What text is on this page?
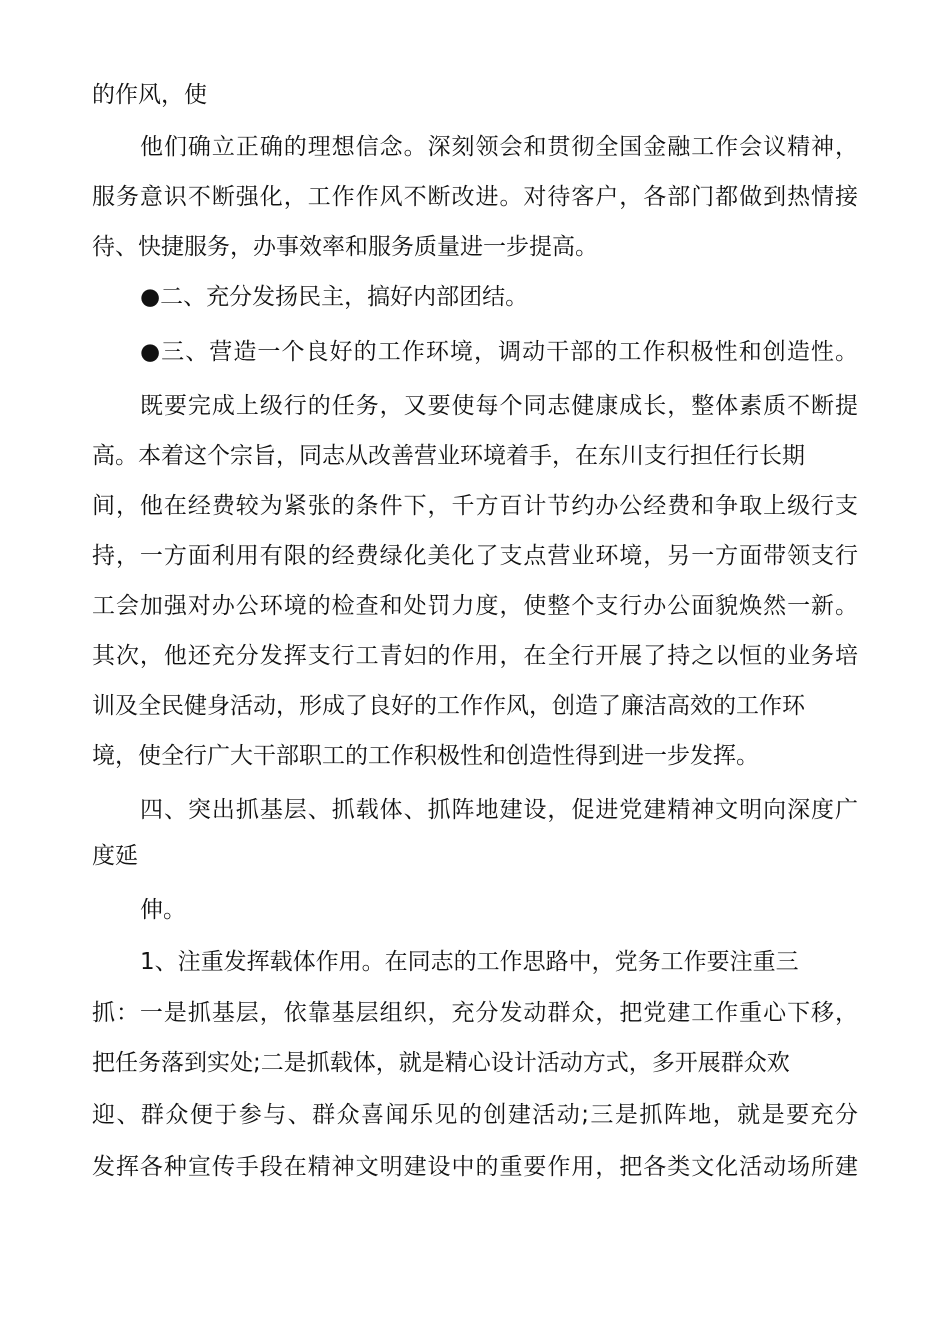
的作风，使
他们确立正确的理想信念。深刻领会和贯彻全国金融工作会议精神，
服务意识不断强化，工作作风不断改进。对待客户，各部门都做到热情接
待、快捷服务，办事效率和服务质量进一步提高。
●二、充分发扬民主，搞好内部团结。
●三、营造一个良好的工作环境，调动干部的工作积极性和创造性。
既要完成上级行的任务，又要使每个同志健康成长，整体素质不断提
高。本着这个宗旨，同志从改善营业环境着手，在东川支行担任行长期
间，他在经费较为紧张的条件下，千方百计节约办公经费和争取上级行支
持，一方面利用有限的经费绿化美化了支点营业环境，另一方面带领支行
工会加强对办公环境的检查和处罚力度，使整个支行办公面貌焕然一新。
其次，他还充分发挥支行工青妇的作用，在全行开展了持之以恒的业务培
训及全民健身活动，形成了良好的工作作风，创造了廉洁高效的工作环
境，使全行广大干部职工的工作积极性和创造性得到进一步发挥。
四、突出抓基层、抓载体、抓阵地建设，促进党建精神文明向深度广
度延
伸。
1、注重发挥载体作用。在同志的工作思路中，党务工作要注重三
抓：一是抓基层，依靠基层组织，充分发动群众，把党建工作重心下移，
把任务落到实处;二是抓载体，就是精心设计活动方式，多开展群众欢
迎、群众便于参与、群众喜闻乐见的创建活动;三是抓阵地，就是要充分
发挥各种宣传手段在精神文明建设中的重要作用，把各类文化活动场所建
